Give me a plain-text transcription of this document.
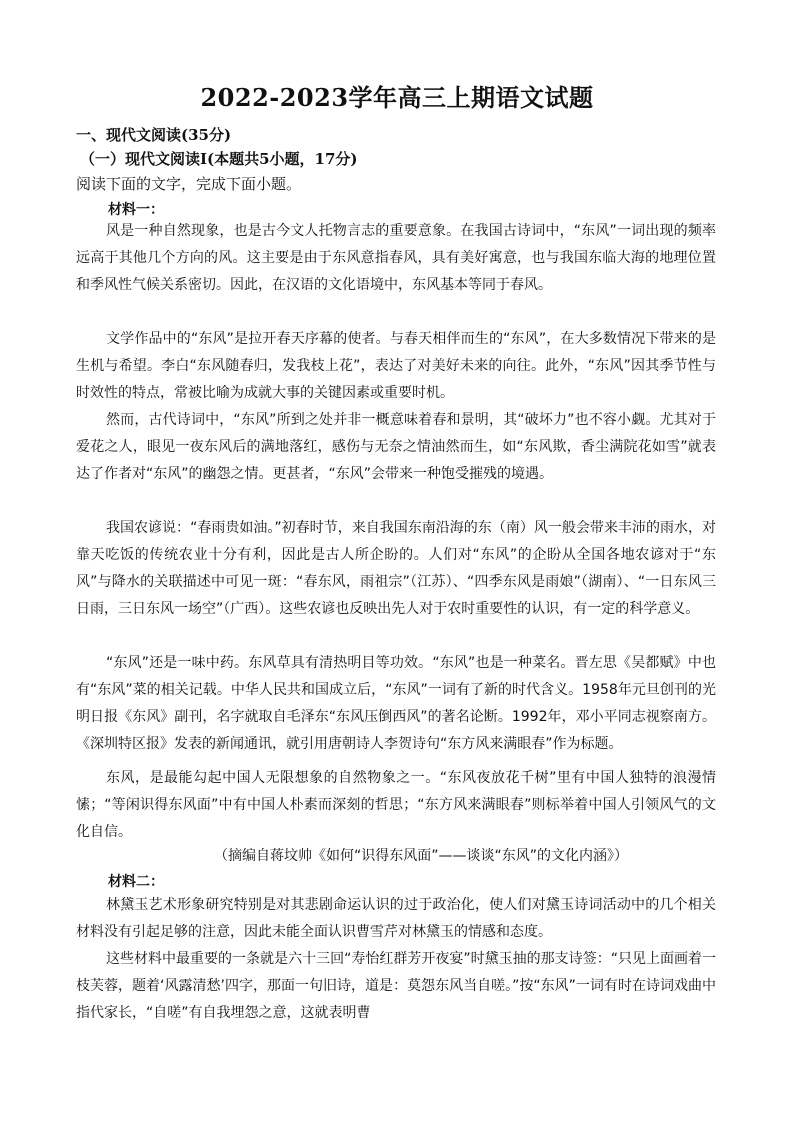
2022-2023学年高三上期语文试题
一、现代文阅读(35分)
（一）现代文阅读I(本题共5小题，17分)
阅读下面的文字，完成下面小题。
材料一：
风是一种自然现象，也是古今文人托物言志的重要意象。在我国古诗词中，“东风”一词出现的频率远高于其他几个方向的风。这主要是由于东风意指春风，具有美好寓意，也与我国东临大海的地理位置和季风性气候关系密切。因此，在汉语的文化语境中，东风基本等同于春风。
文学作品中的“东风”是拉开春天序幕的使者。与春天相伴而生的“东风”，在大多数情况下带来的是生机与希望。李白“东风随春归，发我枝上花”，表达了对美好未来的向往。此外，“东风”因其季节性与时效性的特点，常被比喻为成就大事的关键因素或重要时机。
然而，古代诗词中，“东风”所到之处并非一概意味着春和景明，其“破坏力”也不容小觑。尤其对于爱花之人，眼见一夜东风后的满地落红，感伤与无奈之情油然而生，如“东风欺，香尘满院花如雪”就表达了作者对“东风”的幽怨之情。更甚者，“东风”会带来一种饱受摧残的境遇。
我国农谚说：“春雨贵如油。”初春时节，来自我国东南沿海的东（南）风一般会带来丰沛的雨水，对靠天吃饭的传统农业十分有利，因此是古人所企盼的。人们对“东风”的企盼从全国各地农谚对于“东风”与降水的关联描述中可见一斑：“春东风，雨祖宗”（江苏）、“四季东风是雨娘”（湖南）、“一日东风三日雨，三日东风一场空”（广西）。这些农谚也反映出先人对于农时重要性的认识，有一定的科学意义。
“东风”还是一味中药。东风草具有清热明目等功效。“东风”也是一种菜名。晋左思《吴都赋》中也有“东风”菜的相关记载。中华人民共和国成立后，“东风”一词有了新的时代含义。1958年元旦创刊的光明日报《东风》副刊，名字就取自毛泽东“东风压倒西风”的著名论断。1992年，邓小平同志视察南方。《深圳特区报》发表的新闻通讯，就引用唐朝诗人李贺诗句“东方风来满眼春”作为标题。
东风，是最能勾起中国人无限想象的自然物象之一。“东风夜放花千树”里有中国人独特的浪漫情愫；“等闲识得东风面”中有中国人朴素而深刻的哲思；“东方风来满眼春”则标举着中国人引领风气的文化自信。
（摘编自蒋坟帅《如何“识得东风面”——谈谈“东风”的文化内涵》）
材料二：
林黛玉艺术形象研究特别是对其悲剧命运认识的过于政治化，使人们对黛玉诗词活动中的几个相关材料没有引起足够的注意，因此未能全面认识曹雪芹对林黛玉的情感和态度。
这些材料中最重要的一条就是六十三回“寿怡红群芳开夜宴”时黛玉抽的那支诗签：“只见上面画着一枝芙蓉，题着‘风露清愁’四字，那面一句旧诗，道是：莫怨东风当自嗟。”按“东风”一词有时在诗词戏曲中指代家长，“自嗟”有自我埋怨之意，这就表明曹
